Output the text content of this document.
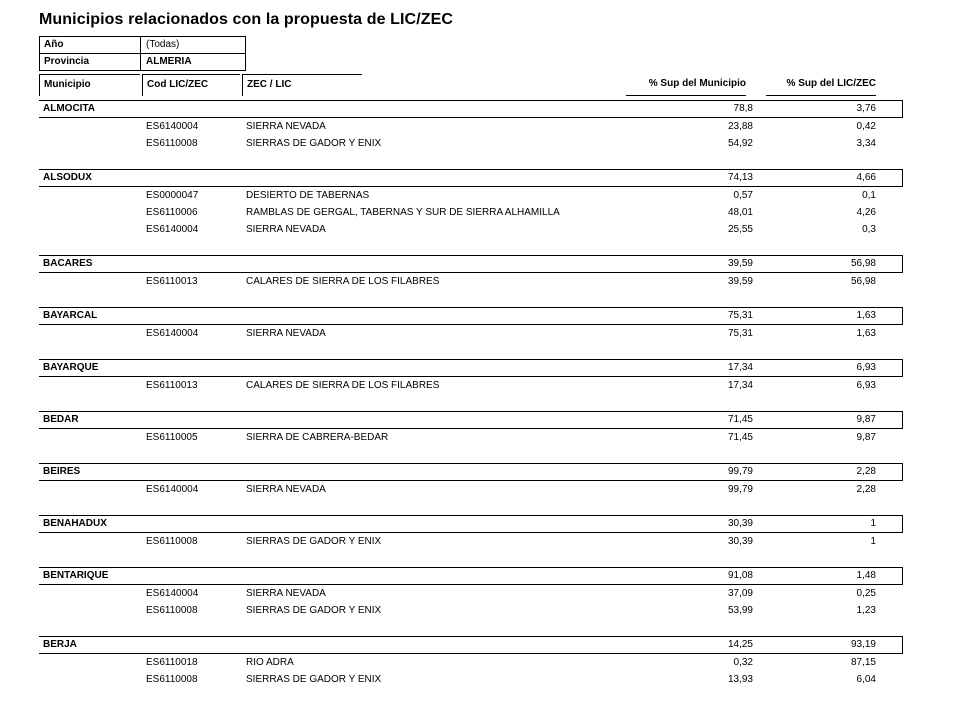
Municipios relacionados con la propuesta de LIC/ZEC
Año	(Todas)
Provincia	ALMERIA
Municipio	Cod LIC/ZEC	ZEC / LIC	% Sup del Municipio	% Sup del LIC/ZEC
ALMOCITA	78,8	3,76
ES6140004	SIERRA NEVADA	23,88	0,42
ES6110008	SIERRAS DE GADOR Y ENIX	54,92	3,34
ALSODUX	74,13	4,66
ES0000047	DESIERTO DE TABERNAS	0,57	0,1
ES6110006	RAMBLAS DE GERGAL, TABERNAS Y SUR DE SIERRA ALHAMILLA	48,01	4,26
ES6140004	SIERRA NEVADA	25,55	0,3
BACARES	39,59	56,98
ES6110013	CALARES DE SIERRA DE LOS FILABRES	39,59	56,98
BAYARCAL	75,31	1,63
ES6140004	SIERRA NEVADA	75,31	1,63
BAYARQUE	17,34	6,93
ES6110013	CALARES DE SIERRA DE LOS FILABRES	17,34	6,93
BEDAR	71,45	9,87
ES6110005	SIERRA DE CABRERA-BEDAR	71,45	9,87
BEIRES	99,79	2,28
ES6140004	SIERRA NEVADA	99,79	2,28
BENAHADUX	30,39	1
ES6110008	SIERRAS DE GADOR Y ENIX	30,39	1
BENTARIQUE	91,08	1,48
ES6140004	SIERRA NEVADA	37,09	0,25
ES6110008	SIERRAS DE GADOR Y ENIX	53,99	1,23
BERJA	14,25	93,19
ES6110018	RIO ADRA	0,32	87,15
ES6110008	SIERRAS DE GADOR Y ENIX	13,93	6,04
